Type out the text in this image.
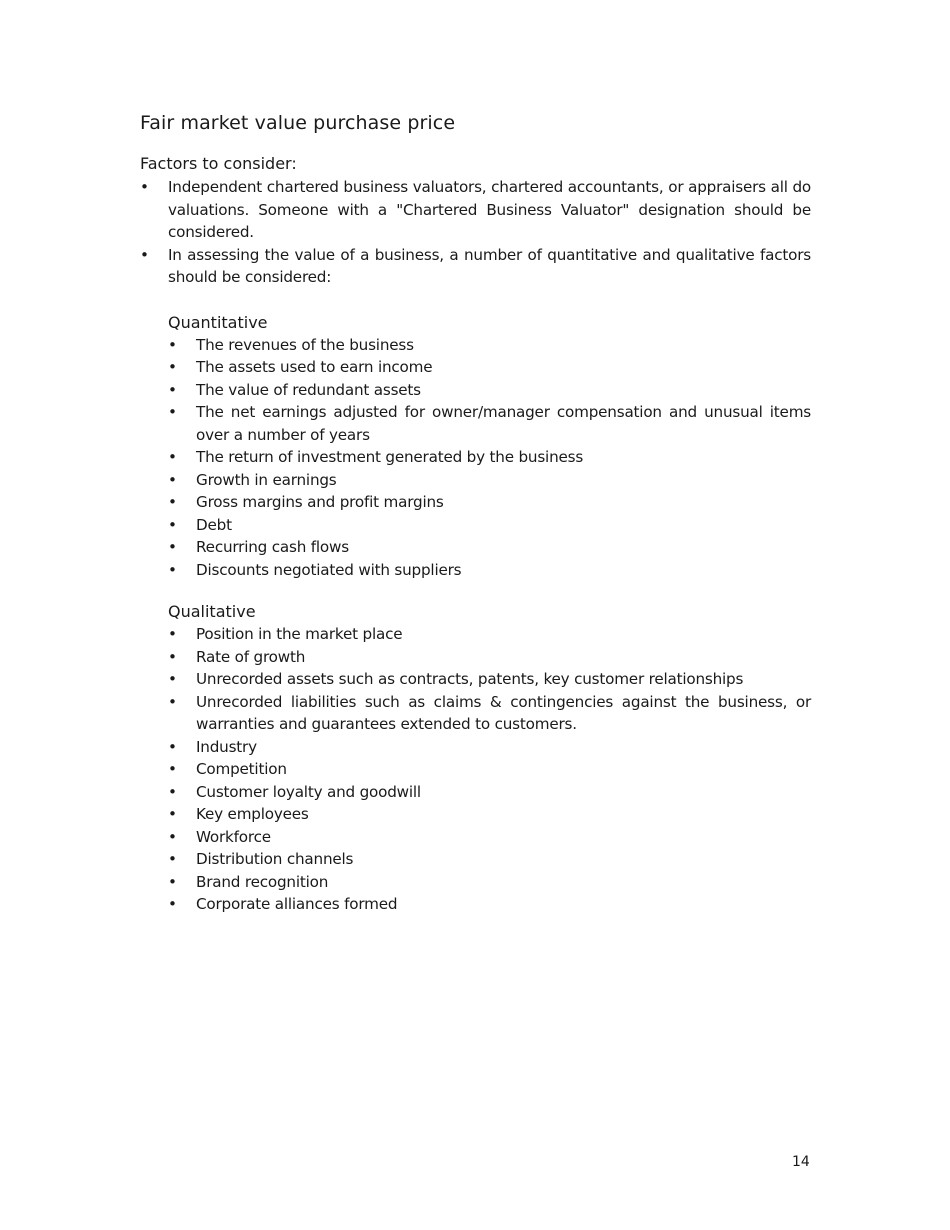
Fair market value purchase price
Factors to consider:
• Independent chartered business valuators, chartered accountants, or appraisers all do valuations. Someone with a "Chartered Business Valuator" designation should be considered.
• In assessing the value of a business, a number of quantitative and qualitative factors should be considered:
Quantitative
• The revenues of the business
• The assets used to earn income
• The value of redundant assets
• The net earnings adjusted for owner/manager compensation and unusual items over a number of years
• The return of investment generated by the business
• Growth in earnings
• Gross margins and profit margins
• Debt
• Recurring cash flows
• Discounts negotiated with suppliers
Qualitative
• Position in the market place
• Rate of growth
• Unrecorded assets such as contracts, patents, key customer relationships
• Unrecorded liabilities such as claims & contingencies against the business, or warranties and guarantees extended to customers.
• Industry
• Competition
• Customer loyalty and goodwill
• Key employees
• Workforce
• Distribution channels
• Brand recognition
• Corporate alliances formed
14
